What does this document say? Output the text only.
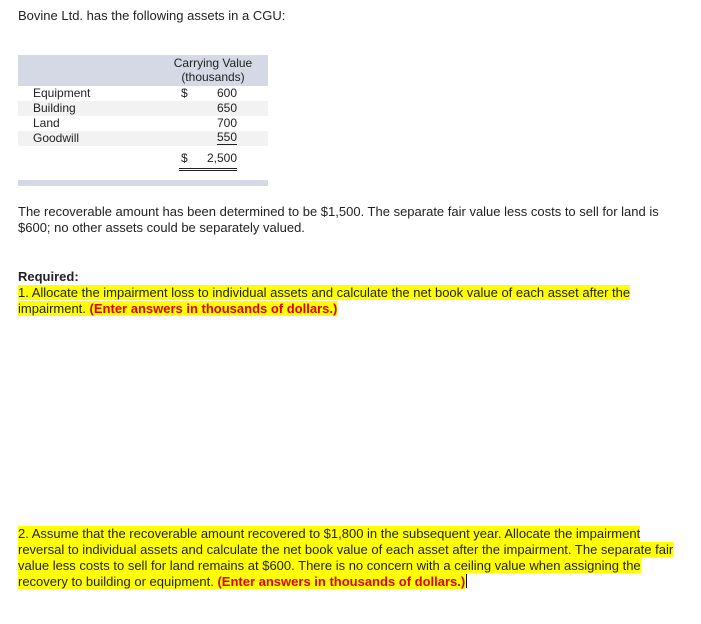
Bovine Ltd. has the following assets in a CGU:
Carrying Value
(thousands)
Equipment	$ 600
Building	650
Land	700
Goodwill	550
$ 2,500
The recoverable amount has been determined to be $1,500. The separate fair value less costs to sell for land is $600; no other assets could be separately valued.
Required:
1. Allocate the impairment loss to individual assets and calculate the net book value of each asset after the impairment. (Enter answers in thousands of dollars.)
2. Assume that the recoverable amount recovered to $1,800 in the subsequent year. Allocate the impairment reversal to individual assets and calculate the net book value of each asset after the impairment. The separate fair value less costs to sell for land remains at $600. There is no concern with a ceiling value when assigning the recovery to building or equipment. (Enter answers in thousands of dollars.)
